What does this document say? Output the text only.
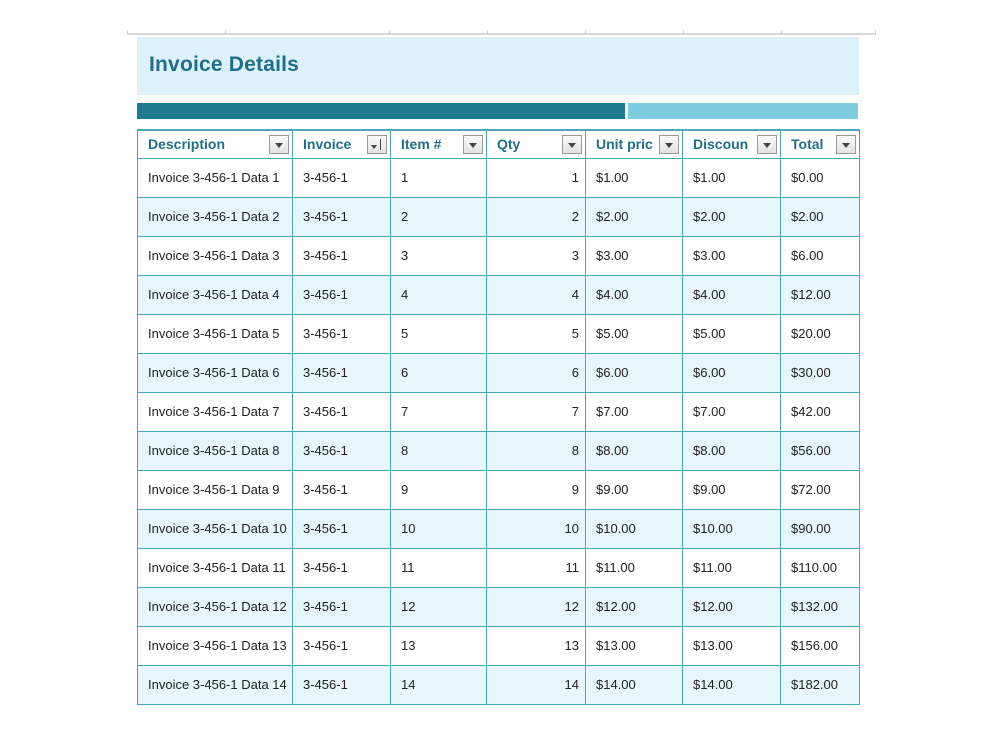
Invoice Details
Description	Invoice	Item #	Qty	Unit pric	Discoun	Total

Invoice 3-456-1 Data 1	3-456-1	1	1	$1.00	$1.00	$0.00
Invoice 3-456-1 Data 2	3-456-1	2	2	$2.00	$2.00	$2.00
Invoice 3-456-1 Data 3	3-456-1	3	3	$3.00	$3.00	$6.00
Invoice 3-456-1 Data 4	3-456-1	4	4	$4.00	$4.00	$12.00
Invoice 3-456-1 Data 5	3-456-1	5	5	$5.00	$5.00	$20.00
Invoice 3-456-1 Data 6	3-456-1	6	6	$6.00	$6.00	$30.00
Invoice 3-456-1 Data 7	3-456-1	7	7	$7.00	$7.00	$42.00
Invoice 3-456-1 Data 8	3-456-1	8	8	$8.00	$8.00	$56.00
Invoice 3-456-1 Data 9	3-456-1	9	9	$9.00	$9.00	$72.00
Invoice 3-456-1 Data 10	3-456-1	10	10	$10.00	$10.00	$90.00
Invoice 3-456-1 Data 11	3-456-1	11	11	$11.00	$11.00	$110.00
Invoice 3-456-1 Data 12	3-456-1	12	12	$12.00	$12.00	$132.00
Invoice 3-456-1 Data 13	3-456-1	13	13	$13.00	$13.00	$156.00
Invoice 3-456-1 Data 14	3-456-1	14	14	$14.00	$14.00	$182.00
